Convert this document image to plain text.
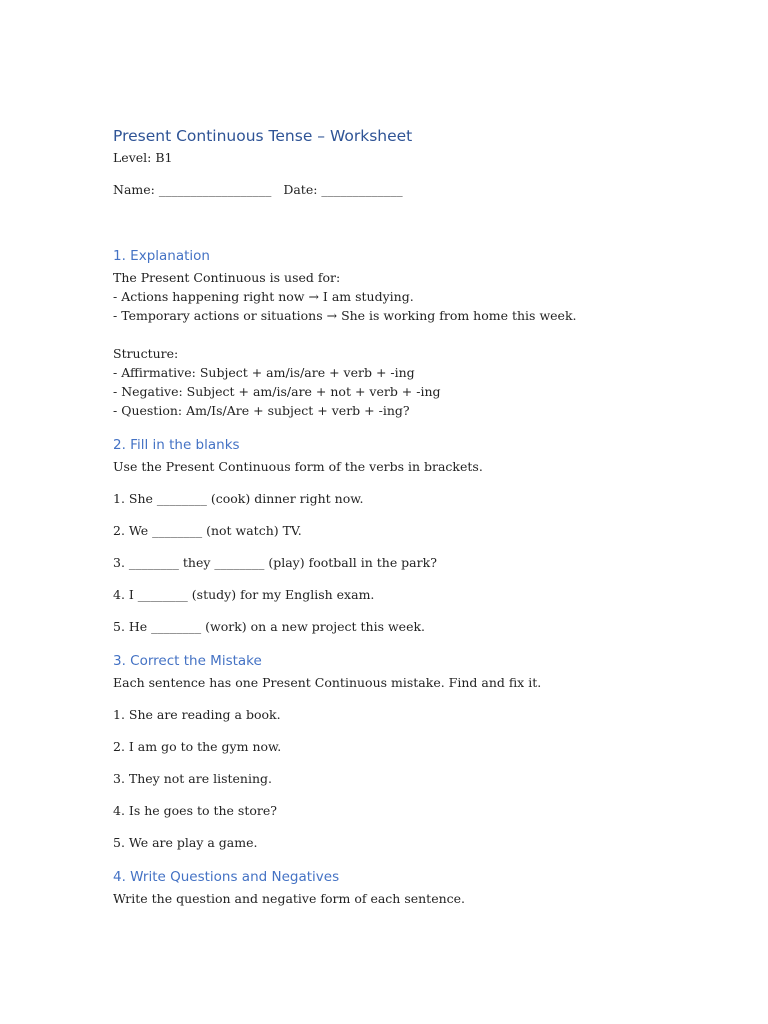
Present Continuous Tense – Worksheet
Level: B1
Name: __________________ Date: _____________
1. Explanation
The Present Continuous is used for:
- Actions happening right now → I am studying.
- Temporary actions or situations → She is working from home this week.
Structure:
- Affirmative: Subject + am/is/are + verb + -ing
- Negative: Subject + am/is/are + not + verb + -ing
- Question: Am/Is/Are + subject + verb + -ing?
2. Fill in the blanks
Use the Present Continuous form of the verbs in brackets.
1. She ________ (cook) dinner right now.
2. We ________ (not watch) TV.
3. ________ they ________ (play) football in the park?
4. I ________ (study) for my English exam.
5. He ________ (work) on a new project this week.
3. Correct the Mistake
Each sentence has one Present Continuous mistake. Find and fix it.
1. She are reading a book.
2. I am go to the gym now.
3. They not are listening.
4. Is he goes to the store?
5. We are play a game.
4. Write Questions and Negatives
Write the question and negative form of each sentence.
